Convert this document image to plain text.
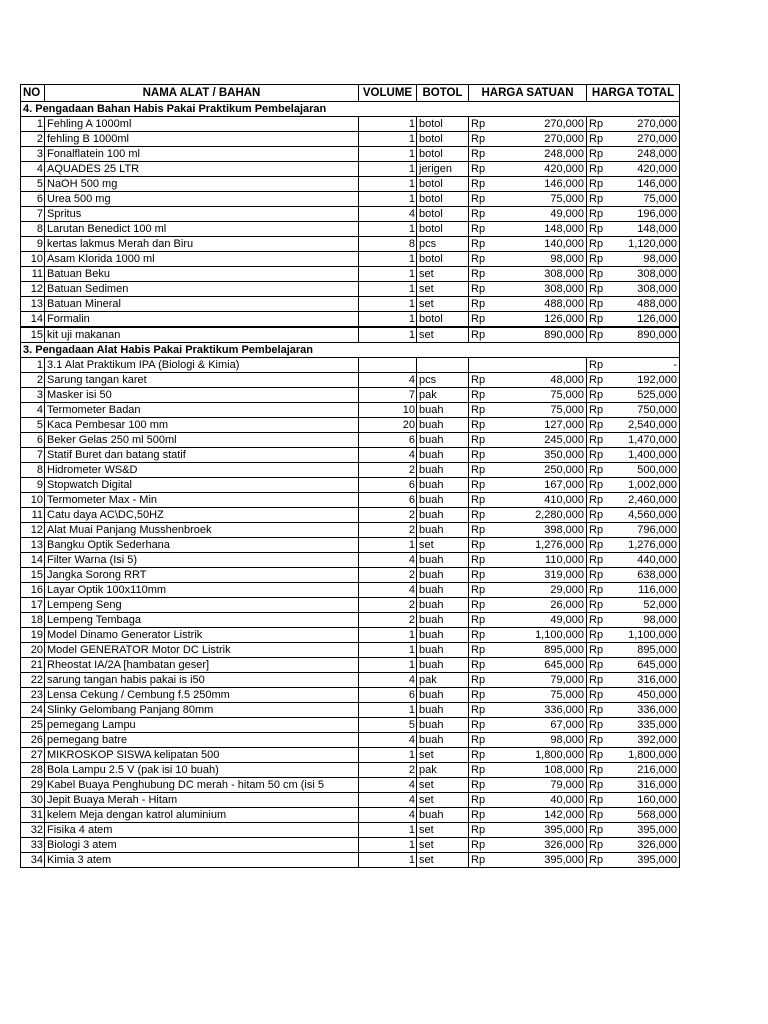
NO	NAMA ALAT / BAHAN	VOLUME	BOTOL	HARGA SATUAN		HARGA TOTAL	
4. Pengadaan Bahan Habis Pakai Praktikum Pembelajaran							
1	Fehling A 1000ml	1	botol	Rp	270,000	Rp	270,000
2	fehling B 1000ml	1	botol	Rp	270,000	Rp	270,000
3	Fonalflatein 100 ml	1	botol	Rp	248,000	Rp	248,000
4	AQUADES 25 LTR	1	jerigen	Rp	420,000	Rp	420,000
5	NaOH 500 mg	1	botol	Rp	146,000	Rp	146,000
6	Urea 500 mg	1	botol	Rp	75,000	Rp	75,000
7	Spritus	4	botol	Rp	49,000	Rp	196,000
8	Larutan Benedict 100 ml	1	botol	Rp	148,000	Rp	148,000
9	kertas lakmus Merah dan Biru	8	pcs	Rp	140,000	Rp	1,120,000
10	Asam Klorida 1000 ml	1	botol	Rp	98,000	Rp	98,000
11	Batuan Beku	1	set	Rp	308,000	Rp	308,000
12	Batuan Sedimen	1	set	Rp	308,000	Rp	308,000
13	Batuan Mineral	1	set	Rp	488,000	Rp	488,000
14	Formalin	1	botol	Rp	126,000	Rp	126,000
15	kit uji makanan	1	set	Rp	890,000	Rp	890,000
3. Pengadaan Alat Habis Pakai Praktikum Pembelajaran							
1	3.1 Alat Praktikum IPA (Biologi & Kimia)					Rp	-
2	Sarung tangan karet	4	pcs	Rp	48,000	Rp	192,000
3	Masker isi 50	7	pak	Rp	75,000	Rp	525,000
4	Termometer Badan	10	buah	Rp	75,000	Rp	750,000
5	Kaca Pembesar 100 mm	20	buah	Rp	127,000	Rp	2,540,000
6	Beker Gelas 250 ml 500ml	6	buah	Rp	245,000	Rp	1,470,000
7	Statif Buret dan batang statif	4	buah	Rp	350,000	Rp	1,400,000
8	Hidrometer WS&D	2	buah	Rp	250,000	Rp	500,000
9	Stopwatch Digital	6	buah	Rp	167,000	Rp	1,002,000
10	Termometer Max - Min	6	buah	Rp	410,000	Rp	2,460,000
11	Catu daya AC\DC,50HZ	2	buah	Rp	2,280,000	Rp	4,560,000
12	Alat Muai Panjang Musshenbroek	2	buah	Rp	398,000	Rp	796,000
13	Bangku Optik Sederhana	1	set	Rp	1,276,000	Rp	1,276,000
14	Filter Warna (Isi 5)	4	buah	Rp	110,000	Rp	440,000
15	Jangka Sorong RRT	2	buah	Rp	319,000	Rp	638,000
16	Layar Optik 100x110mm	4	buah	Rp	29,000	Rp	116,000
17	Lempeng Seng	2	buah	Rp	26,000	Rp	52,000
18	Lempeng Tembaga	2	buah	Rp	49,000	Rp	98,000
19	Model Dinamo Generator Listrik	1	buah	Rp	1,100,000	Rp	1,100,000
20	Model GENERATOR Motor DC Listrik	1	buah	Rp	895,000	Rp	895,000
21	Rheostat IA/2A [hambatan geser]	1	buah	Rp	645,000	Rp	645,000
22	sarung tangan habis pakai is i50	4	pak	Rp	79,000	Rp	316,000
23	Lensa Cekung / Cembung f.5 250mm	6	buah	Rp	75,000	Rp	450,000
24	Slinky Gelombang Panjang 80mm	1	buah	Rp	336,000	Rp	336,000
25	pemegang Lampu	5	buah	Rp	67,000	Rp	335,000
26	pemegang batre	4	buah	Rp	98,000	Rp	392,000
27	MIKROSKOP SISWA kelipatan 500	1	set	Rp	1,800,000	Rp	1,800,000
28	Bola Lampu 2.5 V (pak isi 10 buah)	2	pak	Rp	108,000	Rp	216,000
29	Kabel Buaya Penghubung DC merah - hitam 50 cm (isi 5	4	set	Rp	79,000	Rp	316,000
30	Jepit Buaya Merah - Hitam	4	set	Rp	40,000	Rp	160,000
31	kelem Meja dengan katrol aluminium	4	buah	Rp	142,000	Rp	568,000
32	Fisika 4 atem	1	set	Rp	395,000	Rp	395,000
33	Biologi 3 atem	1	set	Rp	326,000	Rp	326,000
34	Kimia 3 atem	1	set	Rp	395,000	Rp	395,000
